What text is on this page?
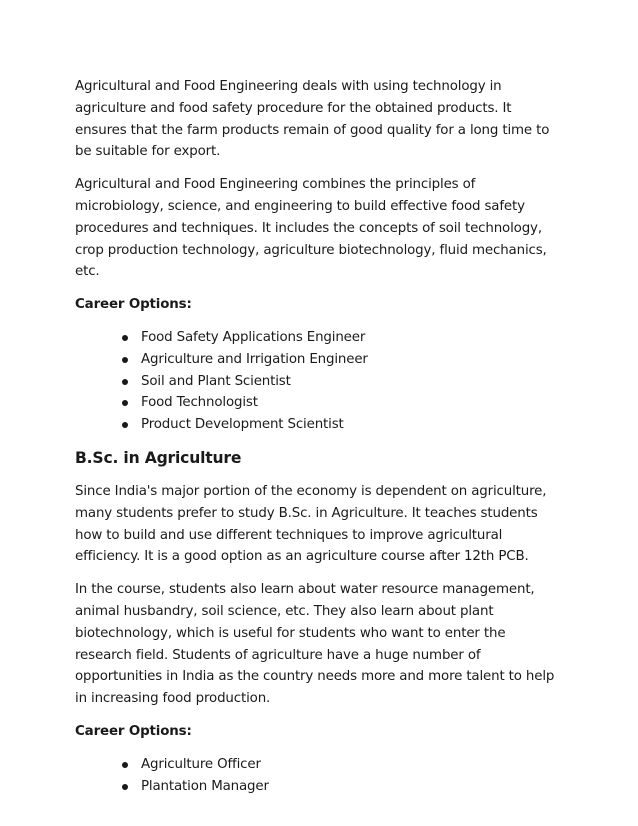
Agricultural and Food Engineering deals with using technology in agriculture and food safety procedure for the obtained products. It ensures that the farm products remain of good quality for a long time to be suitable for export.

Agricultural and Food Engineering combines the principles of microbiology, science, and engineering to build effective food safety procedures and techniques. It includes the concepts of soil technology, crop production technology, agriculture biotechnology, fluid mechanics, etc.

Career Options:
Food Safety Applications Engineer
Agriculture and Irrigation Engineer
Soil and Plant Scientist
Food Technologist
Product Development Scientist
B.Sc. in Agriculture

Since India's major portion of the economy is dependent on agriculture, many students prefer to study B.Sc. in Agriculture. It teaches students how to build and use different techniques to improve agricultural efficiency. It is a good option as an agriculture course after 12th PCB.

In the course, students also learn about water resource management, animal husbandry, soil science, etc. They also learn about plant biotechnology, which is useful for students who want to enter the research field. Students of agriculture have a huge number of opportunities in India as the country needs more and more talent to help in increasing food production.

Career Options:
Agriculture Officer
Plantation Manager
